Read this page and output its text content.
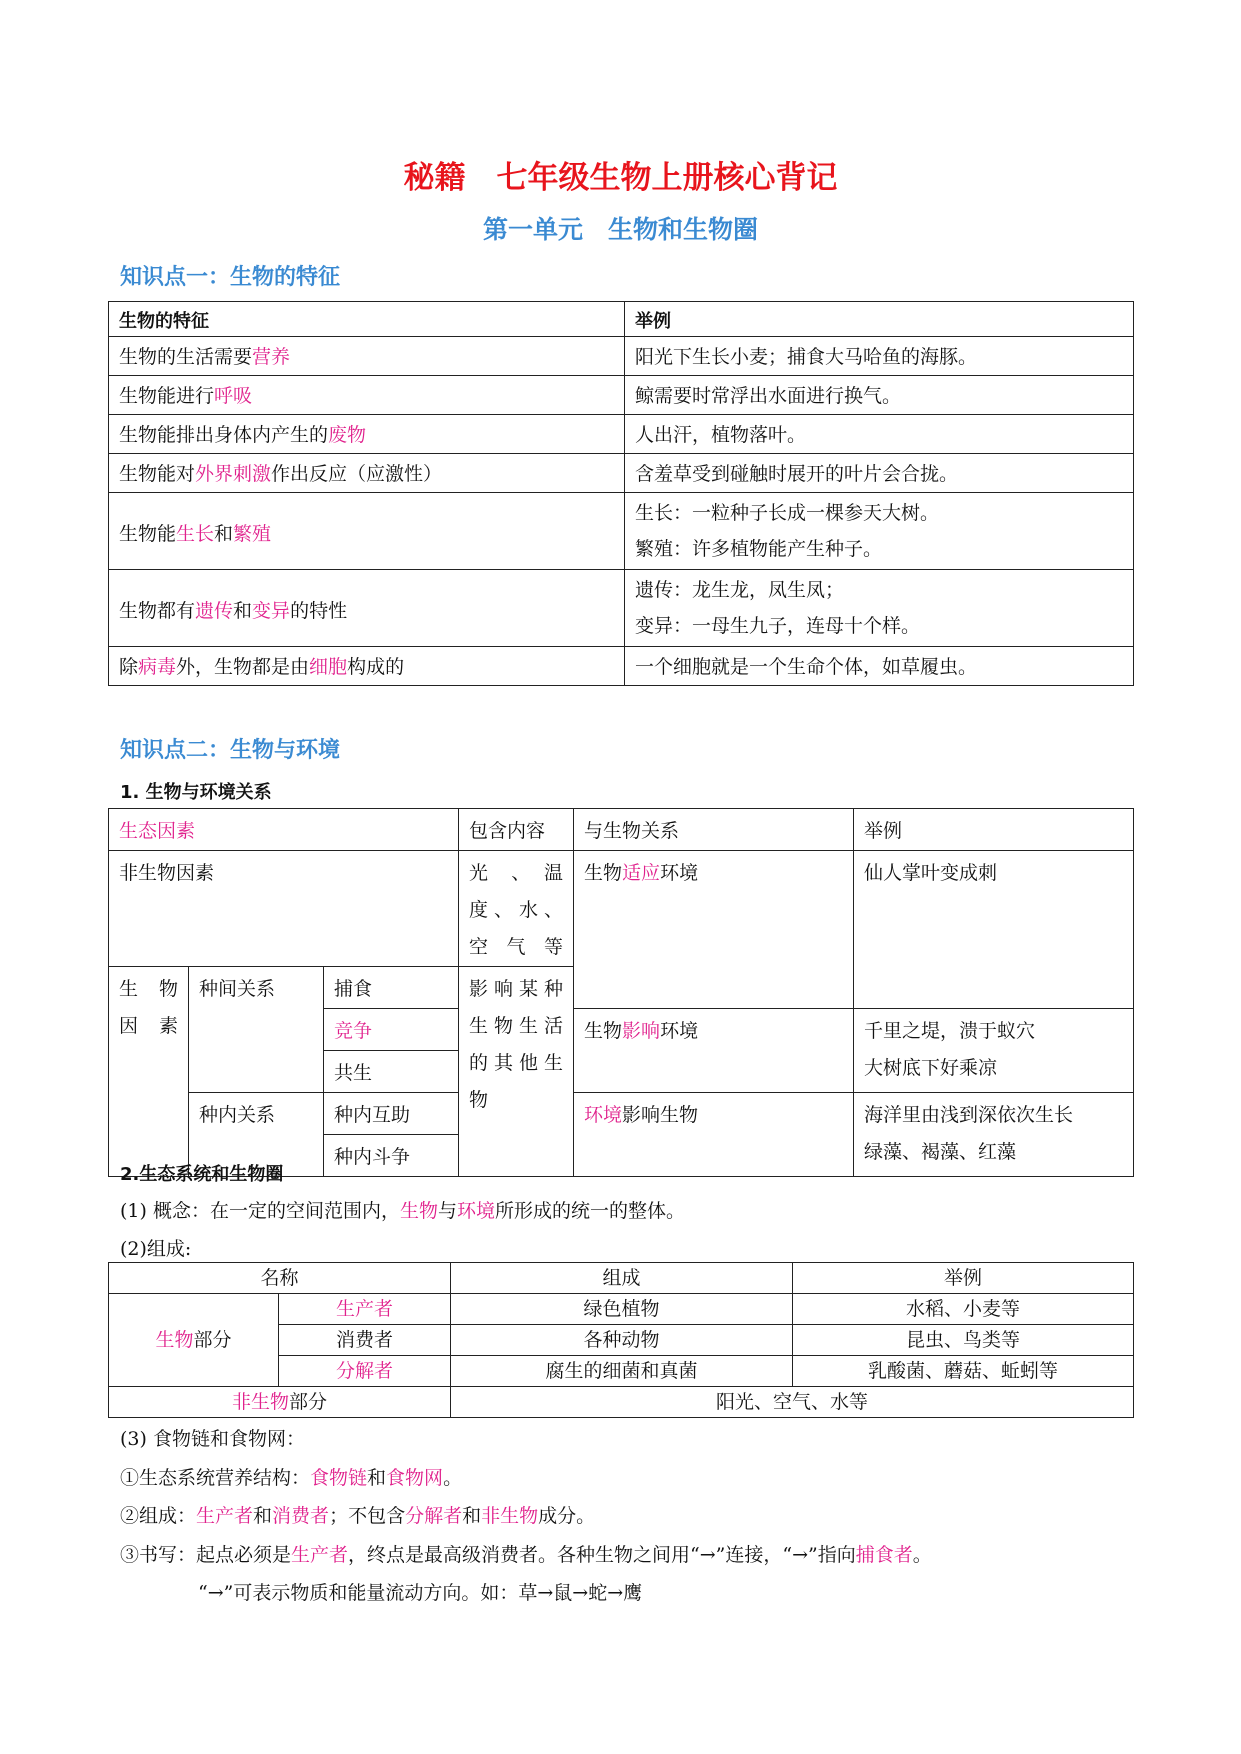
秘籍　七年级生物上册核心背记
第一单元　生物和生物圈
知识点一：生物的特征
生物的特征	举例
生物的生活需要营养	阳光下生长小麦；捕食大马哈鱼的海豚。
生物能进行呼吸	鲸需要时常浮出水面进行换气。
生物能排出身体内产生的废物	人出汗，植物落叶。
生物能对外界刺激作出反应（应激性）	含羞草受到碰触时展开的叶片会合拢。
生物能生长和繁殖	生长：一粒种子长成一棵参天大树。
繁殖：许多植物能产生种子。

生物都有遗传和变异的特性	遗传：龙生龙，凤生凤；
变异：一母生九子，连母十个样。

除病毒外，生物都是由细胞构成的	一个细胞就是一个生命个体，如草履虫。
知识点二：生物与环境
1. 生物与环境关系
生态因素			包含内容	与生物关系	举例
非生物因素			光　、　温度、水、空气等	生物适应环境	仙人掌叶变成刺
生　物因素	种间关系	捕食	影响某种生物生活的其他生物		
		竞争		生物影响环境	千里之堤，溃于蚁穴
大树底下好乘凉

		共生			
	种内关系	种内互助		环境影响生物	海洋里由浅到深依次生长
绿藻、褐藻、红藻

		种内斗争			
2.生态系统和生物圈
(1) 概念：在一定的空间范围内，生物与环境所形成的统一的整体。
(2)组成:
名称		组成	举例
生物部分	生产者	绿色植物	水稻、小麦等
	消费者	各种动物	昆虫、鸟类等
	分解者	腐生的细菌和真菌	乳酸菌、蘑菇、蚯蚓等
非生物部分		阳光、空气、水等	
(3) 食物链和食物网：
①生态系统营养结构：食物链和食物网。
②组成：生产者和消费者；不包含分解者和非生物成分。
③书写：起点必须是生产者，终点是最高级消费者。各种生物之间用“→”连接，“→”指向捕食者。
“→”可表示物质和能量流动方向。如：草→鼠→蛇→鹰
